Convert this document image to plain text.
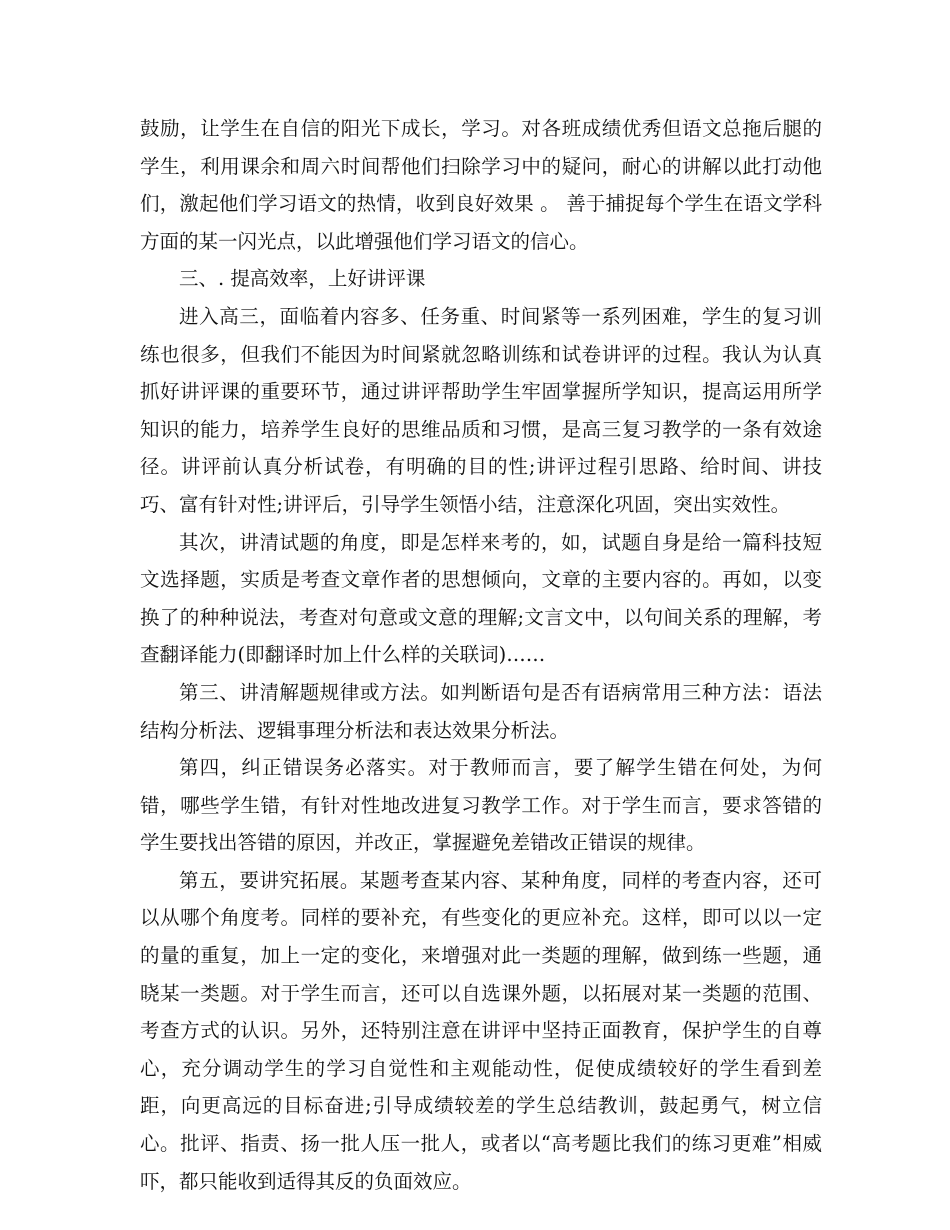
鼓励，让学生在自信的阳光下成长，学习。对各班成绩优秀但语文总拖后腿的学生，利用课余和周六时间帮他们扫除学习中的疑问，耐心的讲解以此打动他们，激起他们学习语文的热情，收到良好效果 。 善于捕捉每个学生在语文学科方面的某一闪光点，以此增强他们学习语文的信心。

三、. 提高效率，上好讲评课

进入高三，面临着内容多、任务重、时间紧等一系列困难，学生的复习训练也很多，但我们不能因为时间紧就忽略训练和试卷讲评的过程。我认为认真抓好讲评课的重要环节，通过讲评帮助学生牢固掌握所学知识，提高运用所学知识的能力，培养学生良好的思维品质和习惯，是高三复习教学的一条有效途径。讲评前认真分析试卷，有明确的目的性;讲评过程引思路、给时间、讲技巧、富有针对性;讲评后，引导学生领悟小结，注意深化巩固，突出实效性。

其次，讲清试题的角度，即是怎样来考的，如，试题自身是给一篇科技短文选择题，实质是考查文章作者的思想倾向，文章的主要内容的。再如，以变换了的种种说法，考查对句意或文意的理解;文言文中，以句间关系的理解，考查翻译能力(即翻译时加上什么样的关联词)……

第三、讲清解题规律或方法。如判断语句是否有语病常用三种方法：语法结构分析法、逻辑事理分析法和表达效果分析法。

第四，纠正错误务必落实。对于教师而言，要了解学生错在何处，为何错，哪些学生错，有针对性地改进复习教学工作。对于学生而言，要求答错的学生要找出答错的原因，并改正，掌握避免差错改正错误的规律。

第五，要讲究拓展。某题考查某内容、某种角度，同样的考查内容，还可以从哪个角度考。同样的要补充，有些变化的更应补充。这样，即可以以一定的量的重复，加上一定的变化，来增强对此一类题的理解，做到练一些题，通晓某一类题。对于学生而言，还可以自选课外题，以拓展对某一类题的范围、考查方式的认识。另外，还特别注意在讲评中坚持正面教育，保护学生的自尊心，充分调动学生的学习自觉性和主观能动性，促使成绩较好的学生看到差距，向更高远的目标奋进;引导成绩较差的学生总结教训，鼓起勇气，树立信心。批评、指责、扬一批人压一批人，或者以“高考题比我们的练习更难”相威吓，都只能收到适得其反的负面效应。
